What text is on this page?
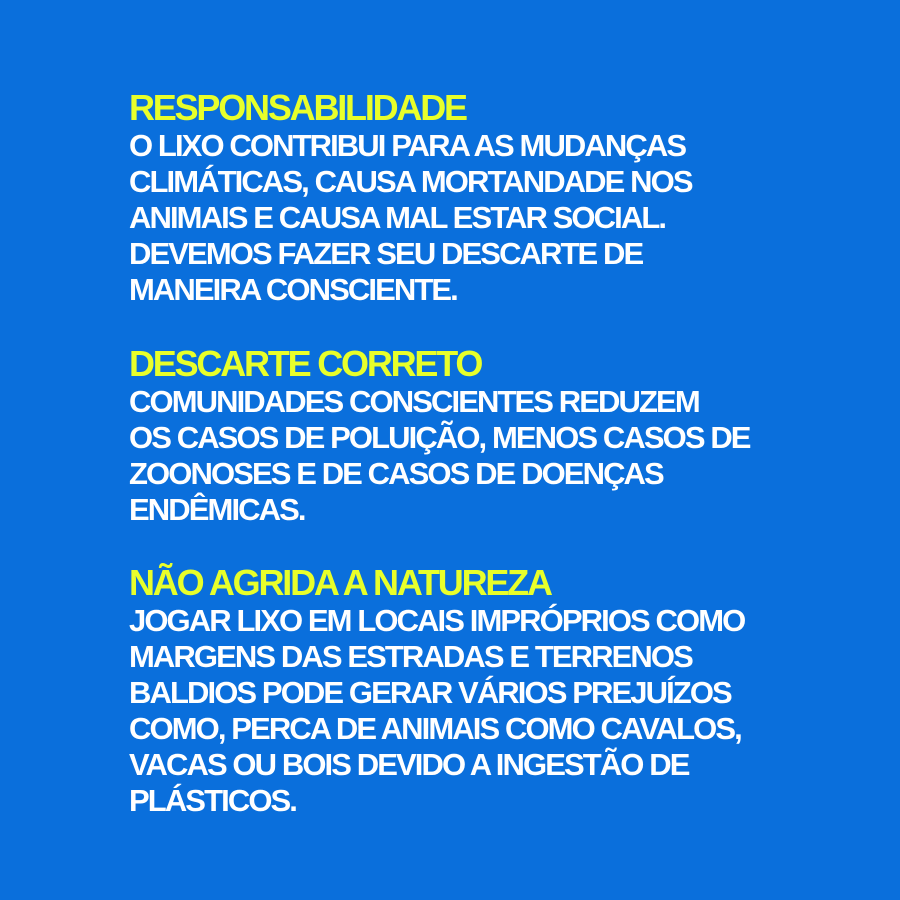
RESPONSABILIDADE

O LIXO CONTRIBUI PARA AS MUDANÇAS

CLIMÁTICAS, CAUSA MORTANDADE NOS

ANIMAIS E CAUSA MAL ESTAR SOCIAL.

DEVEMOS FAZER SEU DESCARTE DE

MANEIRA CONSCIENTE.

DESCARTE CORRETO

COMUNIDADES CONSCIENTES REDUZEM

OS CASOS DE POLUIÇÃO, MENOS CASOS DE

ZOONOSES E DE CASOS DE DOENÇAS

ENDÊMICAS.

NÃO AGRIDA A NATUREZA

JOGAR LIXO EM LOCAIS IMPRÓPRIOS COMO

MARGENS DAS ESTRADAS E TERRENOS

BALDIOS PODE GERAR VÁRIOS PREJUÍZOS

COMO, PERCA DE ANIMAIS COMO CAVALOS,

VACAS OU BOIS DEVIDO A INGESTÃO DE

PLÁSTICOS.
